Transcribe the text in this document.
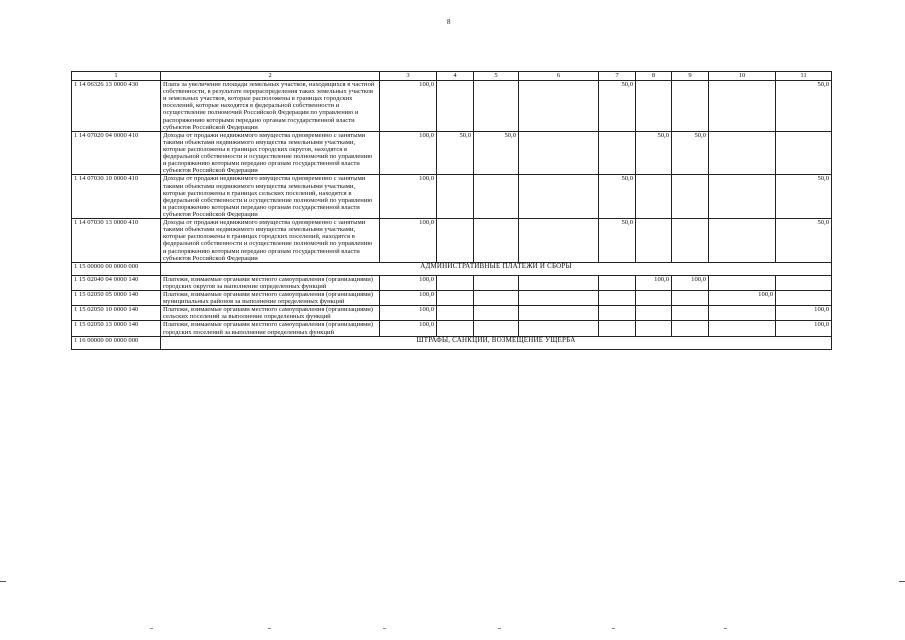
8
1	2	3	4	5	6	7	8	9	10	11
1 14 06326 13 0000 430	Плата за увеличение площади земельных участков, находящихся в частной собственности, в результате перераспределения таких земельных участков и земельных участков, которые расположены в границах городских поселений, которые находятся в федеральной собственности и осуществление полномочий Российской Федерации по управлению и распоряжению которыми передано органам государственной власти субъектов Российской Федерации	100,0				50,0				50,0
1 14 07020 04 0000 410	Доходы от продажи недвижимого имущества одновременно с занятыми такими объектами недвижимого имущества земельными участками, которые расположены в границах городских округов, находятся в федеральной собственности и осуществление полномочий по управлению и распоряжению которыми передано органам государственной власти субъектов Российской Федерации	100,0	50,0	50,0			50,0	50,0		
1 14 07030 10 0000 410	Доходы от продажи недвижимого имущества одновременно с занятыми такими объектами недвижимого имущества земельными участками, которые расположены в границах сельских поселений, находятся в федеральной собственности и осуществление полномочий по управлению и распоряжению которыми передано органам государственной власти субъектов Российской Федерации	100,0				50,0				50,0
1 14 07030 13 0000 410	Доходы от продажи недвижимого имущества одновременно с занятыми такими объектами недвижимого имущества земельными участками, которые расположены в границах городских поселений, находятся в федеральной собственности и осуществление полномочий по управлению и распоряжению которыми передано органам государственной власти субъектов Российской Федерации	100,0				50,0				50,0
1 15 00000 00 0000 000	АДМИНИСТРАТИВНЫЕ ПЛАТЕЖИ И СБОРЫ									
1 15 02040 04 0000 140	Платежи, взимаемые органами местного самоуправления (организациями) городских округов за выполнение определенных функций	100,0					100,0	100,0		
1 15 02050 05 0000 140	Платежи, взимаемые органами местного самоуправления (организациями) муниципальных районов за выполнение определенных функций	100,0							100,0	
1 15 02050 10 0000 140	Платежи, взимаемые органами местного самоуправления (организациями) сельских поселений за выполнение определенных функций	100,0								100,0
1 15 02050 13 0000 140	Платежи, взимаемые органами местного самоуправления (организациями) городских поселений за выполнение определенных функций	100,0								100,0
1 16 00000 00 0000 000	ШТРАФЫ, САНКЦИИ, ВОЗМЕЩЕНИЕ УЩЕРБА									
